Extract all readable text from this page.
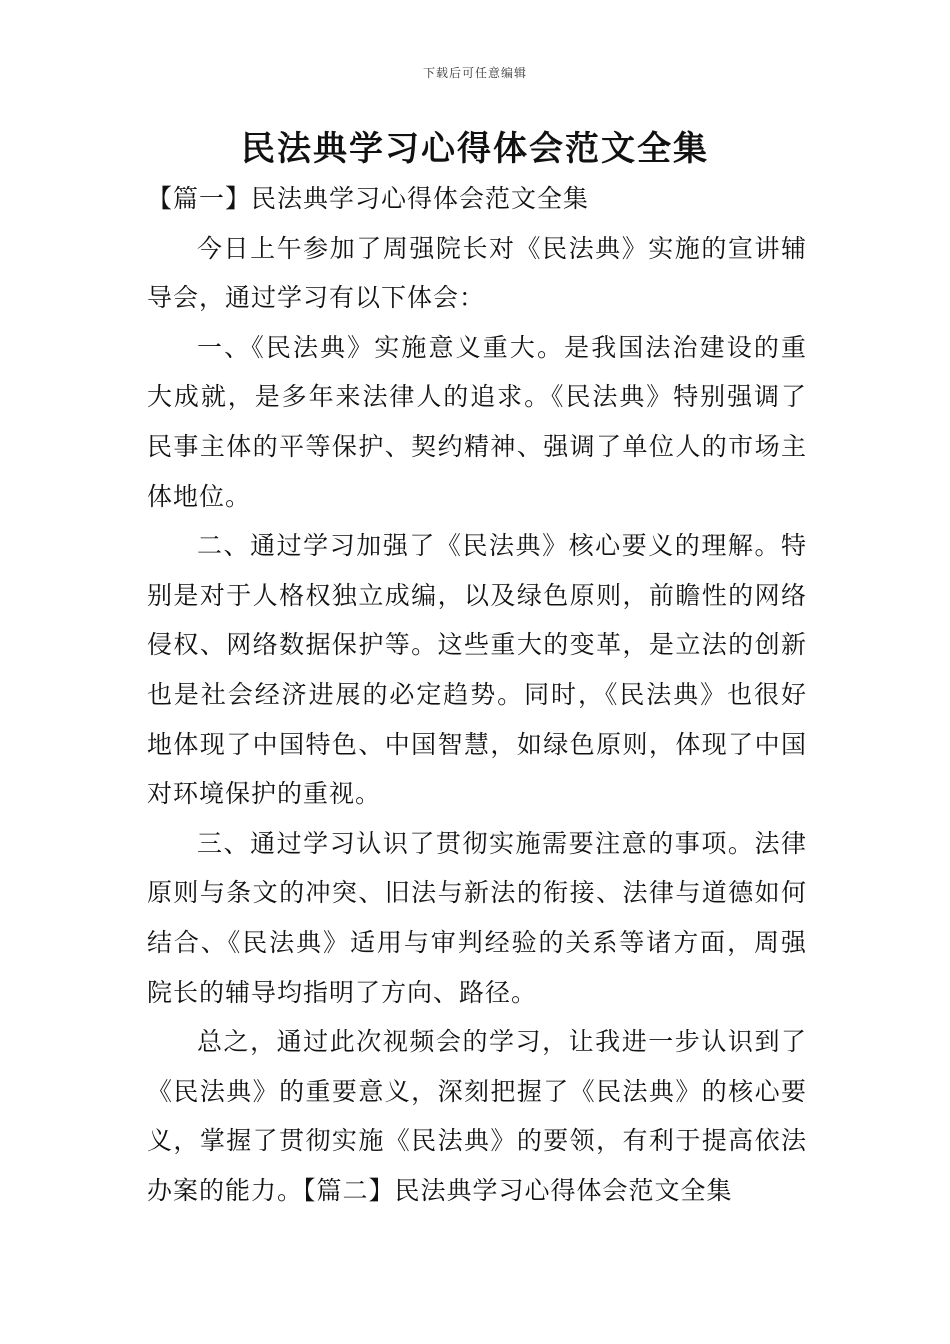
下载后可任意编辑
民法典学习心得体会范文全集

【篇一】民法典学习心得体会范文全集

今日上午参加了周强院长对《民法典》实施的宣讲辅导会，通过学习有以下体会：

一、《民法典》实施意义重大。是我国法治建设的重大成就，是多年来法律人的追求。《民法典》特别强调了民事主体的平等保护、契约精神、强调了单位人的市场主体地位。

二、通过学习加强了《民法典》核心要义的理解。特别是对于人格权独立成编，以及绿色原则，前瞻性的网络侵权、网络数据保护等。这些重大的变革，是立法的创新也是社会经济进展的必定趋势。同时，《民法典》也很好地体现了中国特色、中国智慧，如绿色原则，体现了中国对环境保护的重视。

三、通过学习认识了贯彻实施需要注意的事项。法律原则与条文的冲突、旧法与新法的衔接、法律与道德如何结合、《民法典》适用与审判经验的关系等诸方面，周强院长的辅导均指明了方向、路径。

总之，通过此次视频会的学习，让我进一步认识到了《民法典》的重要意义，深刻把握了《民法典》的核心要义，掌握了贯彻实施《民法典》的要领，有利于提高依法办案的能力。【篇二】民法典学习心得体会范文全集
